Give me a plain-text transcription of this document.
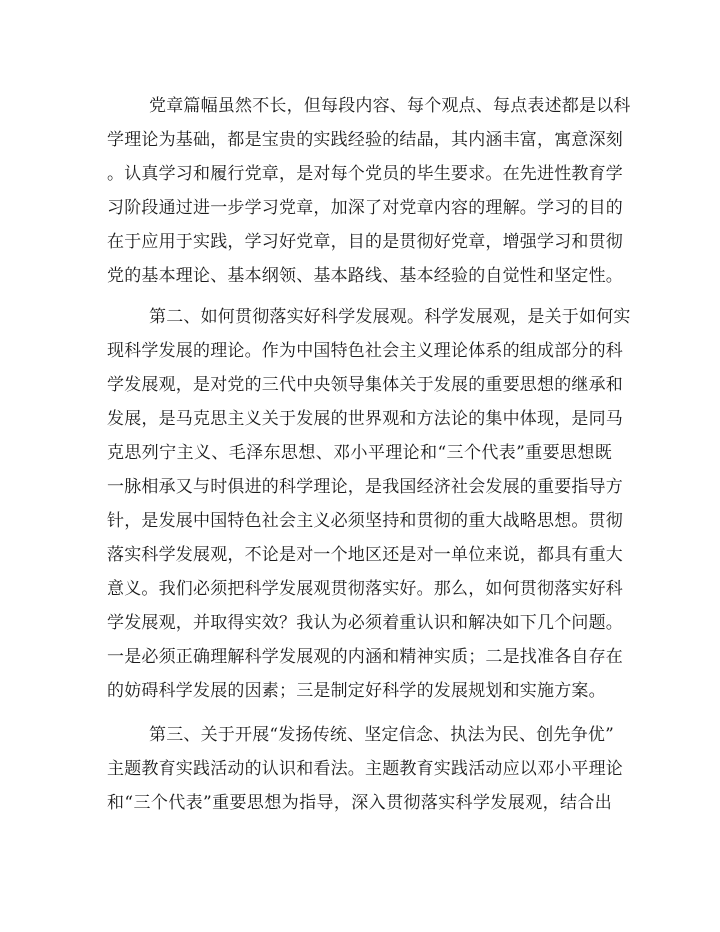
党章篇幅虽然不长，但每段内容、每个观点、每点表述都是以科
学理论为基础，都是宝贵的实践经验的结晶，其内涵丰富，寓意深刻
。认真学习和履行党章，是对每个党员的毕生要求。在先进性教育学
习阶段通过进一步学习党章，加深了对党章内容的理解。学习的目的
在于应用于实践，学习好党章，目的是贯彻好党章，增强学习和贯彻
党的基本理论、基本纲领、基本路线、基本经验的自觉性和坚定性。
第二、如何贯彻落实好科学发展观。科学发展观，是关于如何实
现科学发展的理论。作为中国特色社会主义理论体系的组成部分的科
学发展观，是对党的三代中央领导集体关于发展的重要思想的继承和
发展，是马克思主义关于发展的世界观和方法论的集中体现，是同马
克思列宁主义、毛泽东思想、邓小平理论和“三个代表”重要思想既
一脉相承又与时俱进的科学理论，是我国经济社会发展的重要指导方
针，是发展中国特色社会主义必须坚持和贯彻的重大战略思想。贯彻
落实科学发展观，不论是对一个地区还是对一单位来说，都具有重大
意义。我们必须把科学发展观贯彻落实好。那么，如何贯彻落实好科
学发展观，并取得实效？我认为必须着重认识和解决如下几个问题。
一是必须正确理解科学发展观的内涵和精神实质；二是找准各自存在
的妨碍科学发展的因素；三是制定好科学的发展规划和实施方案。
第三、关于开展“发扬传统、坚定信念、执法为民、创先争优”
主题教育实践活动的认识和看法。主题教育实践活动应以邓小平理论
和“三个代表”重要思想为指导，深入贯彻落实科学发展观，结合出
